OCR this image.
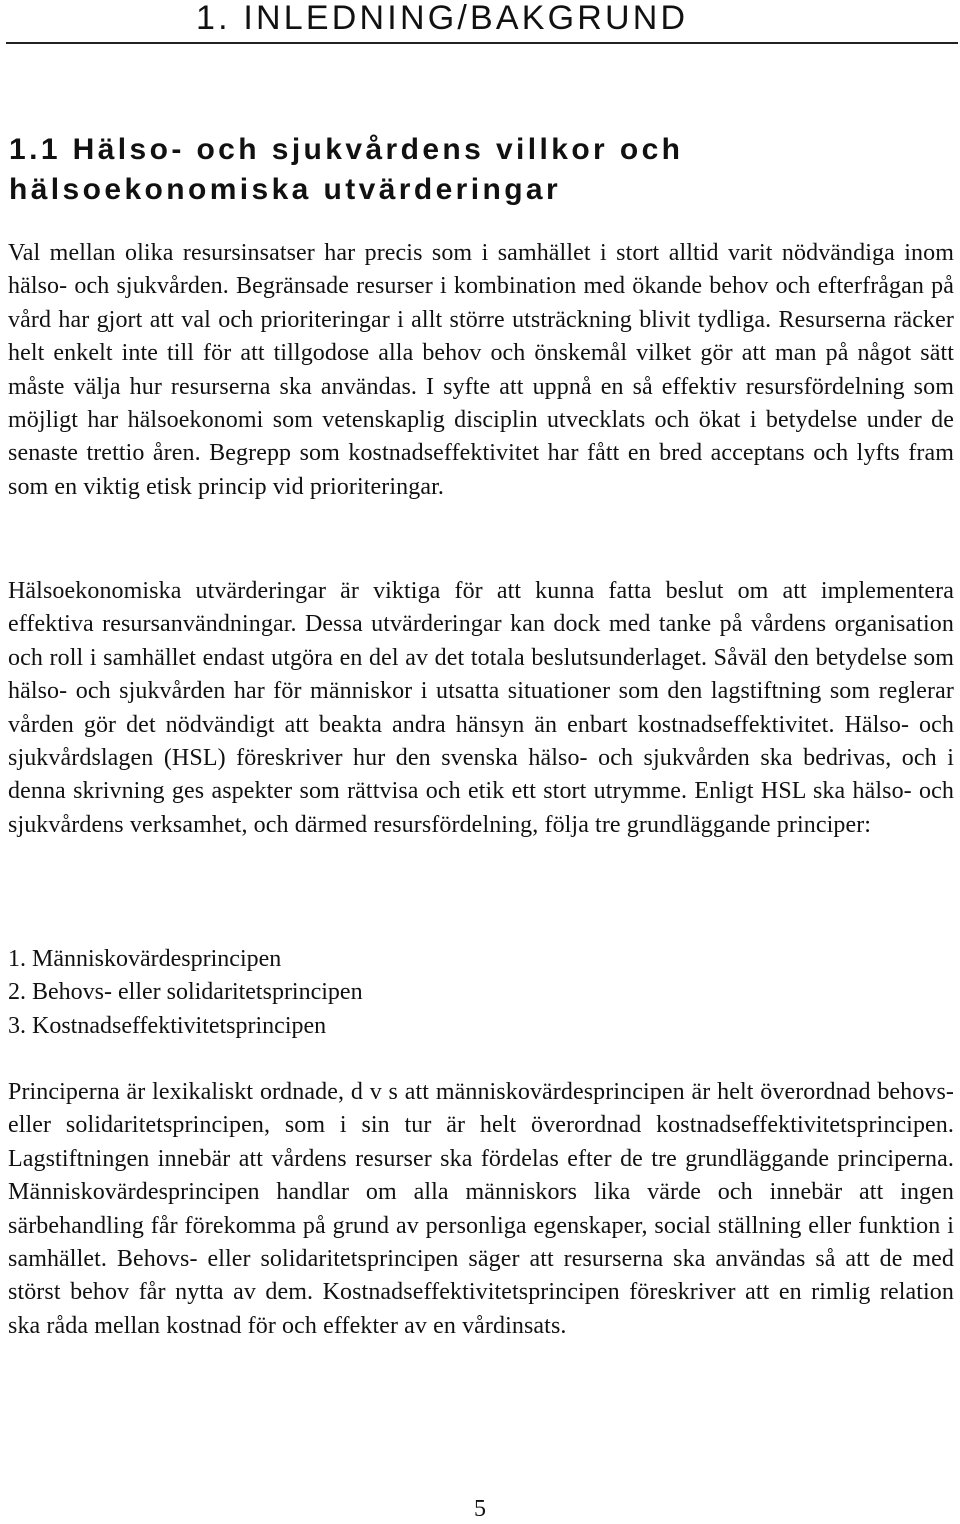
1. INLEDNING/BAKGRUND
1.1 Hälso- och sjukvårdens villkor och hälsoekonomiska utvärderingar

Val mellan olika resursinsatser har precis som i samhället i stort alltid varit nödvändiga inom hälso- och sjukvården. Begränsade resurser i kombination med ökande behov och efterfrågan på vård har gjort att val och prioriteringar i allt större utsträckning blivit tydliga. Resurserna räcker helt enkelt inte till för att tillgodose alla behov och önskemål vilket gör att man på något sätt måste välja hur resurserna ska användas. I syfte att uppnå en så effektiv resursfördelning som möjligt har hälsoekonomi som vetenskaplig disciplin utvecklats och ökat i betydelse under de senaste trettio åren. Begrepp som kostnadseffektivitet har fått en bred acceptans och lyfts fram som en viktig etisk princip vid prioriteringar.

Hälsoekonomiska utvärderingar är viktiga för att kunna fatta beslut om att implementera effektiva resursanvändningar. Dessa utvärderingar kan dock med tanke på vårdens organisation och roll i samhället endast utgöra en del av det totala beslutsunderlaget. Såväl den betydelse som hälso- och sjukvården har för människor i utsatta situationer som den lagstiftning som reglerar vården gör det nödvändigt att beakta andra hänsyn än enbart kostnadseffektivitet. Hälso- och sjukvårdslagen (HSL) föreskriver hur den svenska hälso- och sjukvården ska bedrivas, och i denna skrivning ges aspekter som rättvisa och etik ett stort utrymme. Enligt HSL ska hälso- och sjukvårdens verksamhet, och därmed resursfördelning, följa tre grundläggande principer:

1. Människovärdesprincipen
2. Behovs- eller solidaritetsprincipen
3. Kostnadseffektivitetsprincipen

Principerna är lexikaliskt ordnade, d v s att människovärdesprincipen är helt överordnad behovs- eller solidaritetsprincipen, som i sin tur är helt överordnad kostnadseffektivitetsprincipen. Lagstiftningen innebär att vårdens resurser ska fördelas efter de tre grundläggande principerna. Människovärdesprincipen handlar om alla människors lika värde och innebär att ingen särbehandling får förekomma på grund av personliga egenskaper, social ställning eller funktion i samhället. Behovs- eller solidaritetsprincipen säger att resurserna ska användas så att de med störst behov får nytta av dem. Kostnadseffektivitetsprincipen föreskriver att en rimlig relation ska råda mellan kostnad för och effekter av en vårdinsats.

5
